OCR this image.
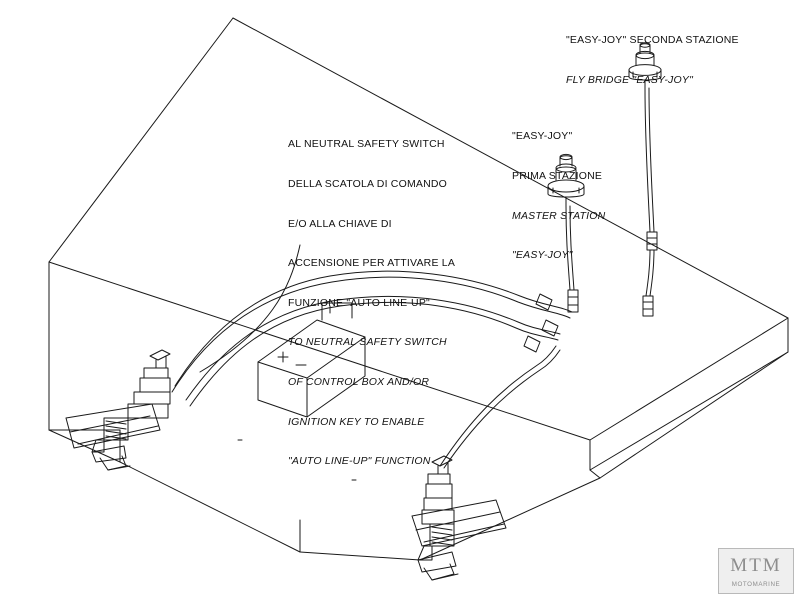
"EASY-JOY" SECONDA STAZIONE

FLY BRIDGE "EASY-JOY"

"EASY-JOY"

PRIMA STAZIONE

MASTER STATION

"EASY-JOY"

AL NEUTRAL SAFETY SWITCH

DELLA SCATOLA DI COMANDO

E/O ALLA CHIAVE DI

ACCENSIONE PER ATTIVARE LA

FUNZIONE "AUTO LINE-UP"

TO NEUTRAL SAFETY SWITCH

OF CONTROL BOX AND/OR

IGNITION KEY TO ENABLE

"AUTO LINE-UP" FUNCTION

MTM
MOTOMARINE
